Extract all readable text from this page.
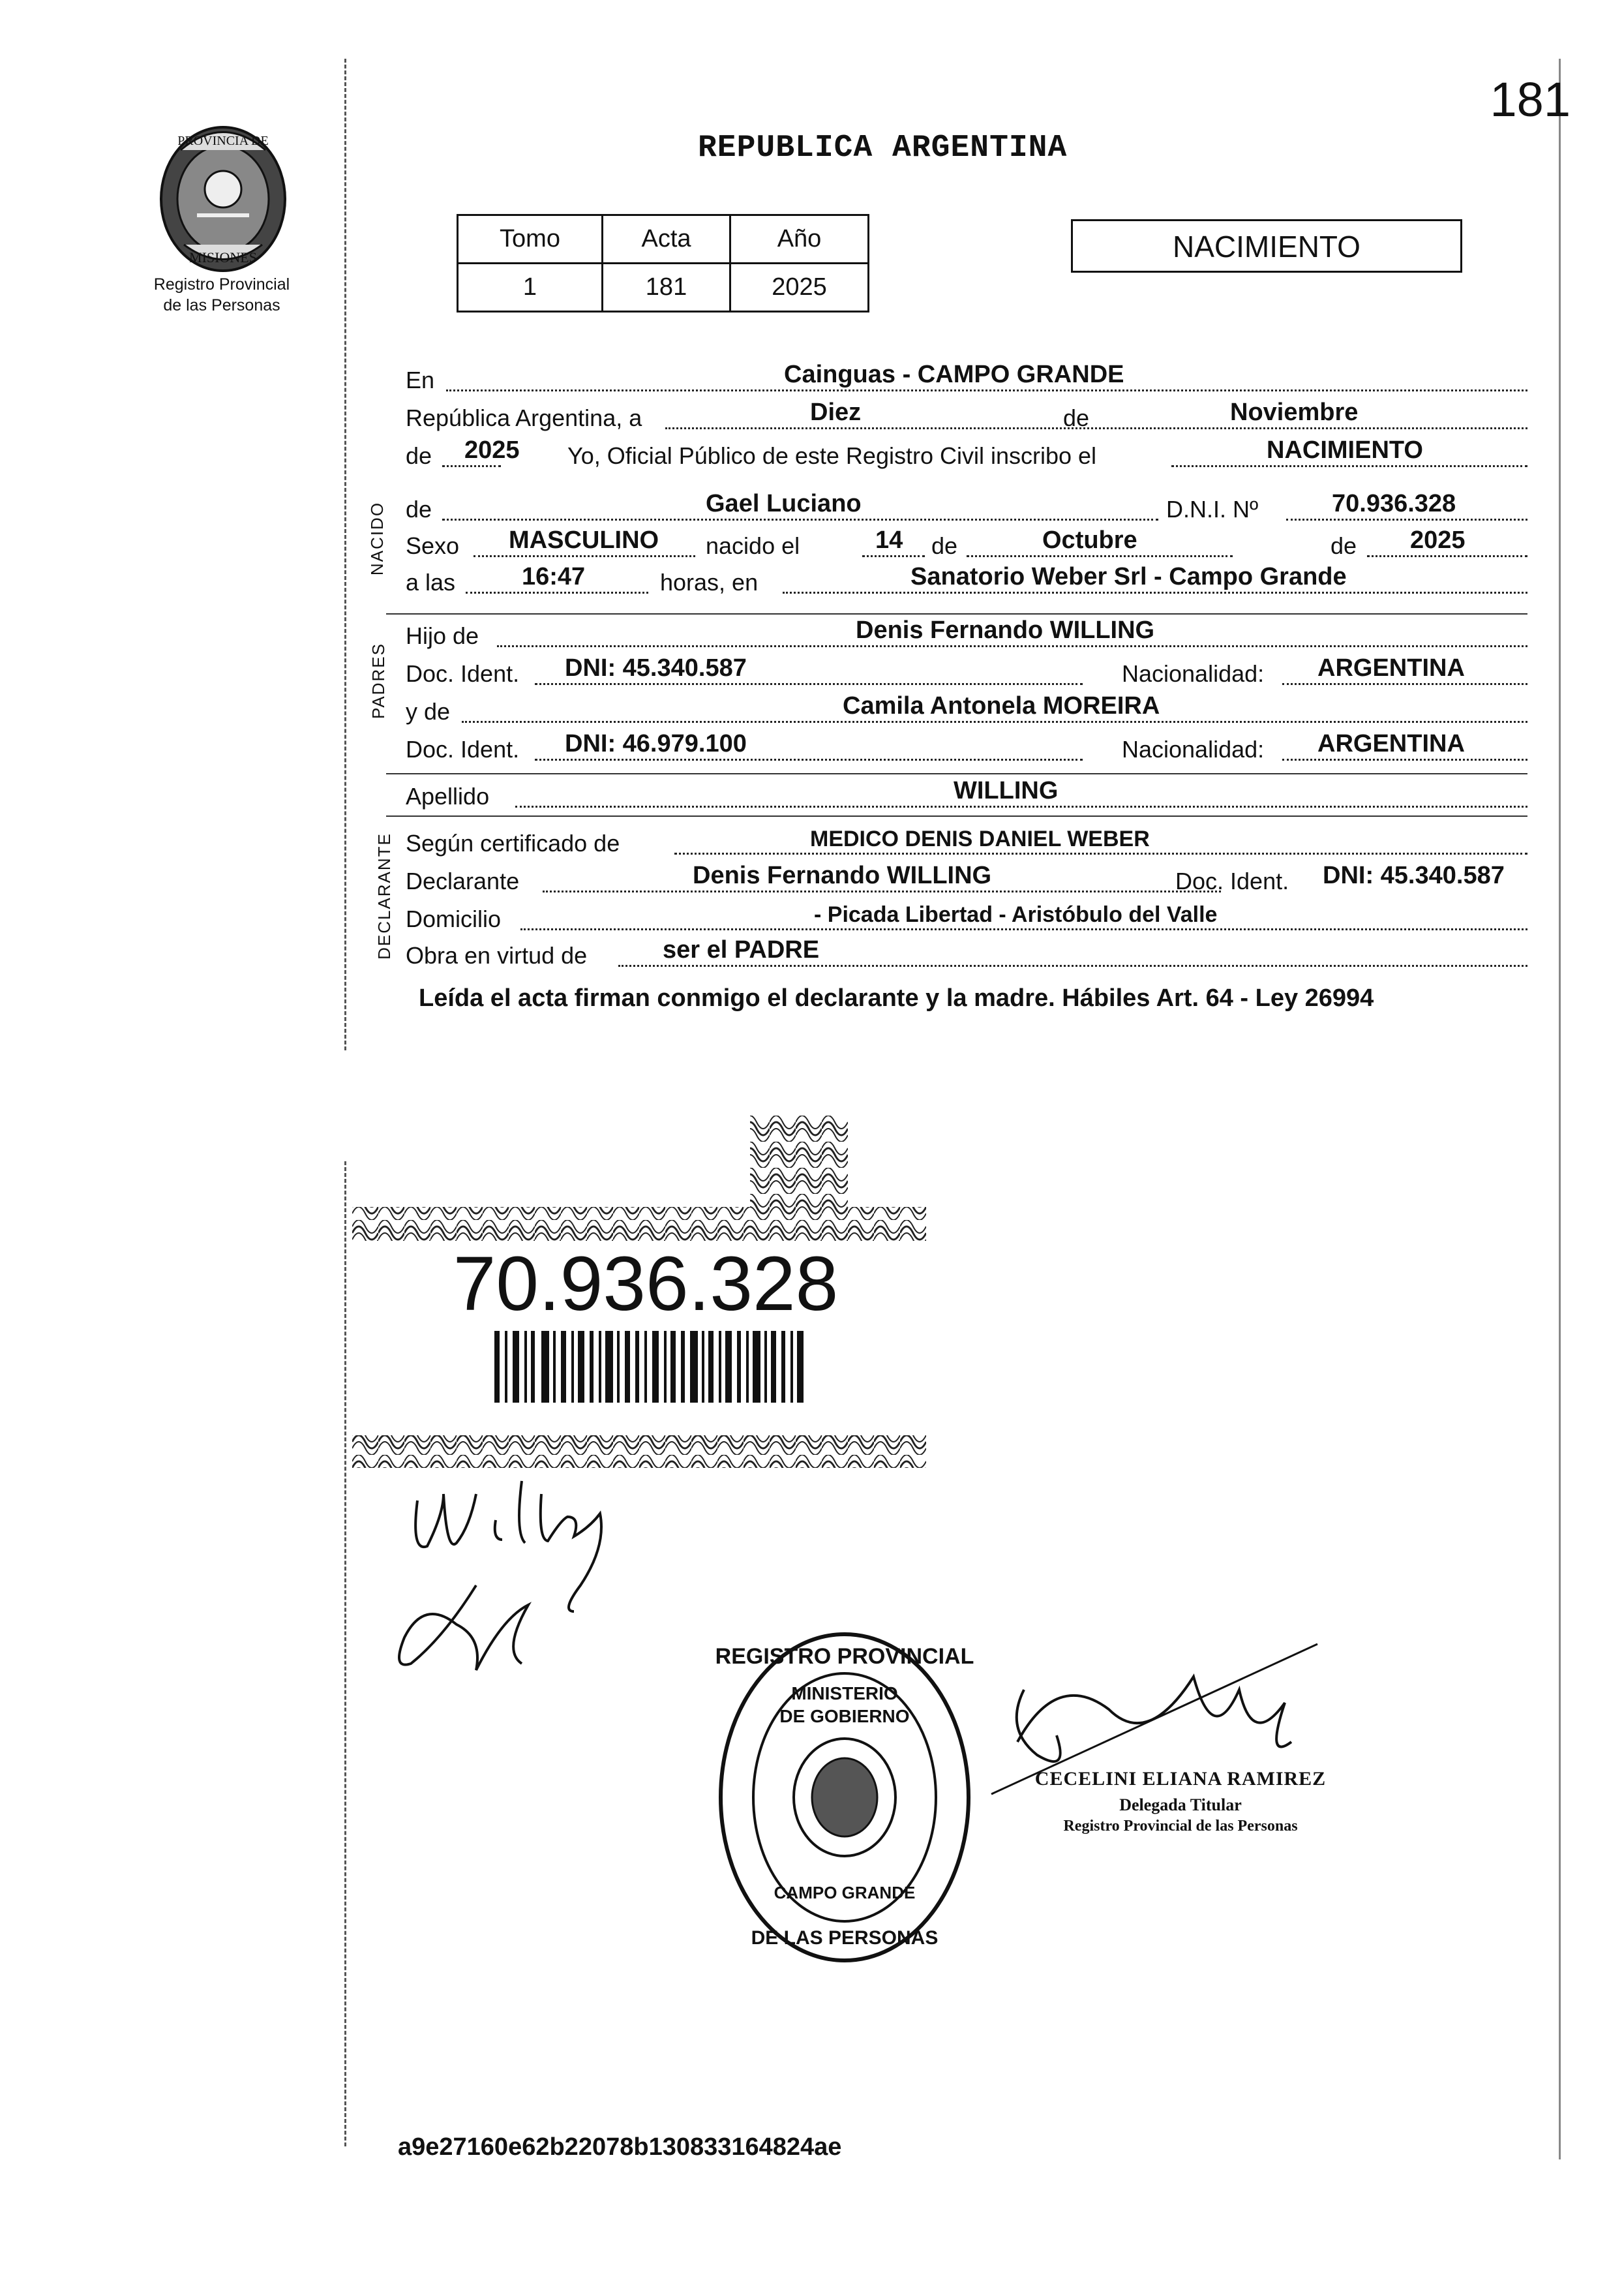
181
PROVINCIA DE
MISIONES
Registro Provincial
de las Personas
REPUBLICA ARGENTINA
Tomo	Acta	Año
1	181	2025
NACIMIENTO
NACIDO
PADRES
DECLARANTE
En	Cainguas - CAMPO GRANDE
República Argentina, a	Diez	de	Noviembre
de 2025 Yo, Oficial Público de este Registro Civil inscribo el	NACIMIENTO
de	Gael Luciano	D.N.I. Nº	70.936.328
Sexo MASCULINO nacido el	14 de	Octubre	de 2025
a las	16:47	horas, en	Sanatorio Weber Srl - Campo Grande
Hijo de	Denis Fernando WILLING
Doc. Ident. DNI: 45.340.587	Nacionalidad: ARGENTINA
y de	Camila Antonela MOREIRA
Doc. Ident. DNI: 46.979.100	Nacionalidad: ARGENTINA
Apellido	WILLING
Según certificado de	MEDICO DENIS DANIEL WEBER
Declarante	Denis Fernando WILLING	Doc. Ident. DNI: 45.340.587
Domicilio	- Picada Libertad - Aristóbulo del Valle
Obra en virtud de	ser el PADRE
Leída el acta firman conmigo el declarante y la madre. Hábiles Art. 64 - Ley 26994
70.936.328
REGISTRO PROVINCIAL
MINISTERIO
DE GOBIERNO
CAMPO GRANDE
DE LAS PERSONAS
CECELINI ELIANA RAMIREZ
Delegada Titular
Registro Provincial de las Personas
a9e27160e62b22078b130833164824ae
